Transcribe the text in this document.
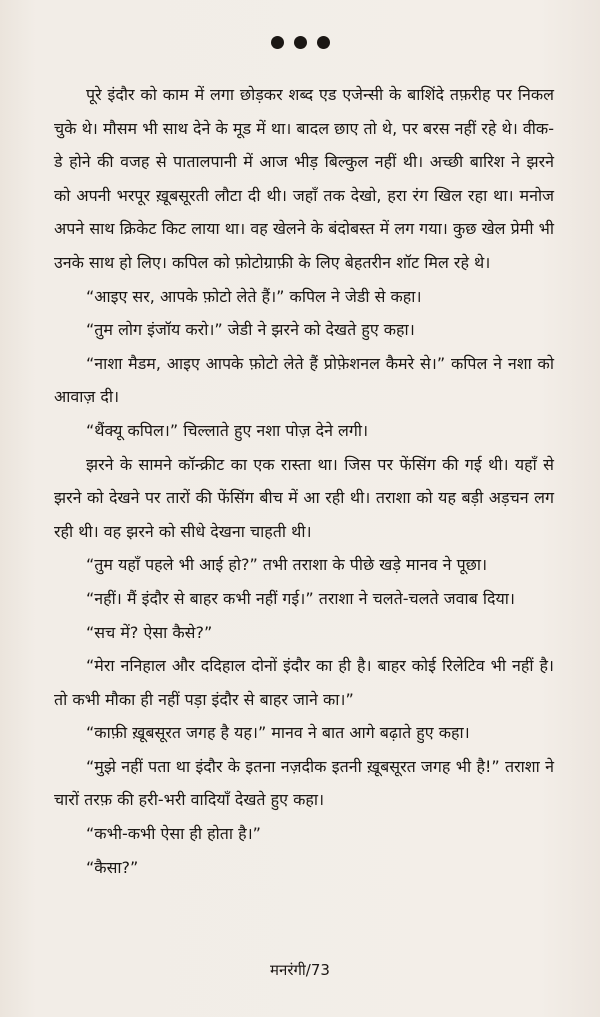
पूरे इंदौर को काम में लगा छोड़कर शब्द एड एजेन्सी के बाशिंदे तफ़रीह पर निकल चुके थे। मौसम भी साथ देने के मूड में था। बादल छाए तो थे, पर बरस नहीं रहे थे। वीक-डे होने की वजह से पातालपानी में आज भीड़ बिल्कुल नहीं थी। अच्छी बारिश ने झरने को अपनी भरपूर ख़ूबसूरती लौटा दी थी। जहाँ तक देखो, हरा रंग खिल रहा था। मनोज अपने साथ क्रिकेट किट लाया था। वह खेलने के बंदोबस्त में लग गया। कुछ खेल प्रेमी भी उनके साथ हो लिए। कपिल को फ़ोटोग्राफ़ी के लिए बेहतरीन शॉट मिल रहे थे।

“आइए सर, आपके फ़ोटो लेते हैं।” कपिल ने जेडी से कहा।

“तुम लोग इंजॉय करो।” जेडी ने झरने को देखते हुए कहा।

“नाशा मैडम, आइए आपके फ़ोटो लेते हैं प्रोफ़ेशनल कैमरे से।” कपिल ने नशा को आवाज़ दी।

“थैंक्यू कपिल।” चिल्लाते हुए नशा पोज़ देने लगी।

झरने के सामने कॉन्क्रीट का एक रास्ता था। जिस पर फेंसिंग की गई थी। यहाँ से झरने को देखने पर तारों की फेंसिंग बीच में आ रही थी। तराशा को यह बड़ी अड़चन लग रही थी। वह झरने को सीधे देखना चाहती थी।

“तुम यहाँ पहले भी आई हो?” तभी तराशा के पीछे खड़े मानव ने पूछा।

“नहीं। मैं इंदौर से बाहर कभी नहीं गई।” तराशा ने चलते-चलते जवाब दिया।

“सच में? ऐसा कैसे?”

“मेरा ननिहाल और ददिहाल दोनों इंदौर का ही है। बाहर कोई रिलेटिव भी नहीं है। तो कभी मौका ही नहीं पड़ा इंदौर से बाहर जाने का।”

“काफ़ी ख़ूबसूरत जगह है यह।” मानव ने बात आगे बढ़ाते हुए कहा।

“मुझे नहीं पता था इंदौर के इतना नज़दीक इतनी ख़ूबसूरत जगह भी है!” तराशा ने चारों तरफ़ की हरी-भरी वादियाँ देखते हुए कहा।

“कभी-कभी ऐसा ही होता है।”

“कैसा?”

मनरंगी/73
